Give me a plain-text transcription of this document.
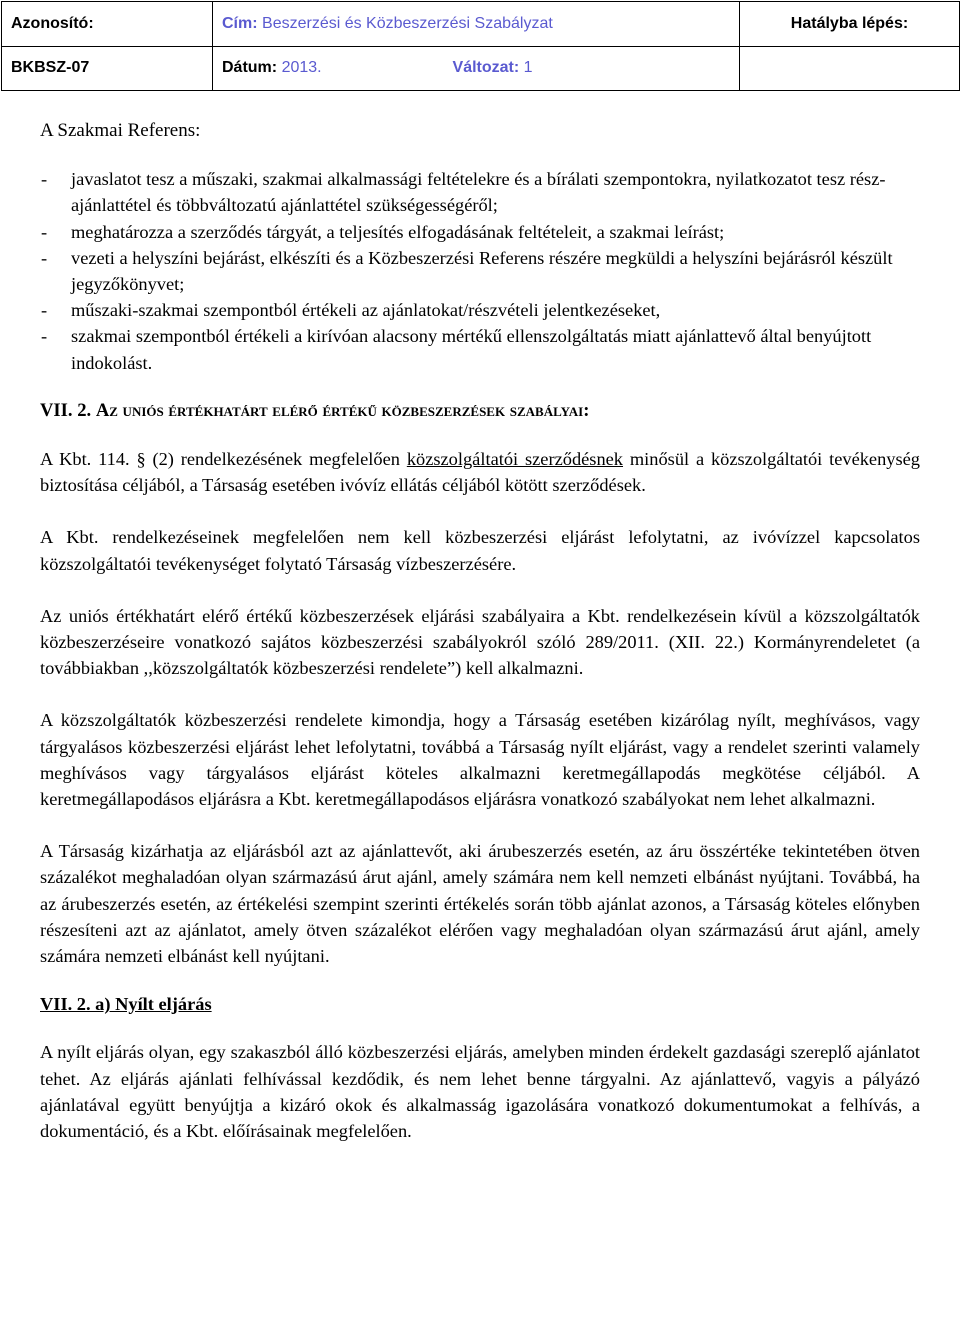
Azonosító:	Cím: Beszerzési és Közbeszerzési Szabályzat	Hatályba lépés:
BKBSZ-07	Dátum: 2013. Változat: 1	
A Szakmai Referens:
-	javaslatot tesz a műszaki, szakmai alkalmassági feltételekre és a bírálati szempontokra, nyilatkozatot tesz rész-ajánlattétel és többváltozatú ajánlattétel szükségességéről;
-	meghatározza a szerződés tárgyát, a teljesítés elfogadásának feltételeit, a szakmai leírást;
-	vezeti a helyszíni bejárást, elkészíti és a Közbeszerzési Referens részére megküldi a helyszíni bejárásról készült jegyzőkönyvet;
-	műszaki-szakmai szempontból értékeli az ajánlatokat/részvételi jelentkezéseket,
-	szakmai szempontból értékeli a kirívóan alacsony mértékű ellenszolgáltatás miatt ajánlattevő által benyújtott indokolást.
VII. 2. Az uniós értékhatárt elérő értékű közbeszerzések szabályai:

A Kbt. 114. § (2) rendelkezésének megfelelően közszolgáltatói szerződésnek minősül a közszolgáltatói tevékenység biztosítása céljából, a Társaság esetében ivóvíz ellátás céljából kötött szerződések.

A Kbt. rendelkezéseinek megfelelően nem kell közbeszerzési eljárást lefolytatni, az ivóvízzel kapcsolatos közszolgáltatói tevékenységet folytató Társaság vízbeszerzésére.

Az uniós értékhatárt elérő értékű közbeszerzések eljárási szabályaira a Kbt. rendelkezésein kívül a közszolgáltatók közbeszerzéseire vonatkozó sajátos közbeszerzési szabályokról szóló 289/2011. (XII. 22.) Kormányrendeletet (a továbbiakban ,,közszolgáltatók közbeszerzési rendelete”) kell alkalmazni.

A közszolgáltatók közbeszerzési rendelete kimondja, hogy a Társaság esetében kizárólag nyílt, meghívásos, vagy tárgyalásos közbeszerzési eljárást lehet lefolytatni, továbbá a Társaság nyílt eljárást, vagy a rendelet szerinti valamely meghívásos vagy tárgyalásos eljárást köteles alkalmazni keretmegállapodás megkötése céljából. A keretmegállapodásos eljárásra a Kbt. keretmegállapodásos eljárásra vonatkozó szabályokat nem lehet alkalmazni.

A Társaság kizárhatja az eljárásból azt az ajánlattevőt, aki árubeszerzés esetén, az áru összértéke tekintetében ötven százalékot meghaladóan olyan származású árut ajánl, amely számára nem kell nemzeti elbánást nyújtani. Továbbá, ha az árubeszerzés esetén, az értékelési szempint szerinti értékelés során több ajánlat azonos, a Társaság köteles előnyben részesíteni azt az ajánlatot, amely ötven százalékot elérően vagy meghaladóan olyan származású árut ajánl, amely számára nemzeti elbánást kell nyújtani.

VII. 2. a) Nyílt eljárás

A nyílt eljárás olyan, egy szakaszból álló közbeszerzési eljárás, amelyben minden érdekelt gazdasági szereplő ajánlatot tehet. Az eljárás ajánlati felhívással kezdődik, és nem lehet benne tárgyalni. Az ajánlattevő, vagyis a pályázó ajánlatával együtt benyújtja a kizáró okok és alkalmasság igazolására vonatkozó dokumentumokat a felhívás, a dokumentáció, és a Kbt. előírásainak megfelelően.
